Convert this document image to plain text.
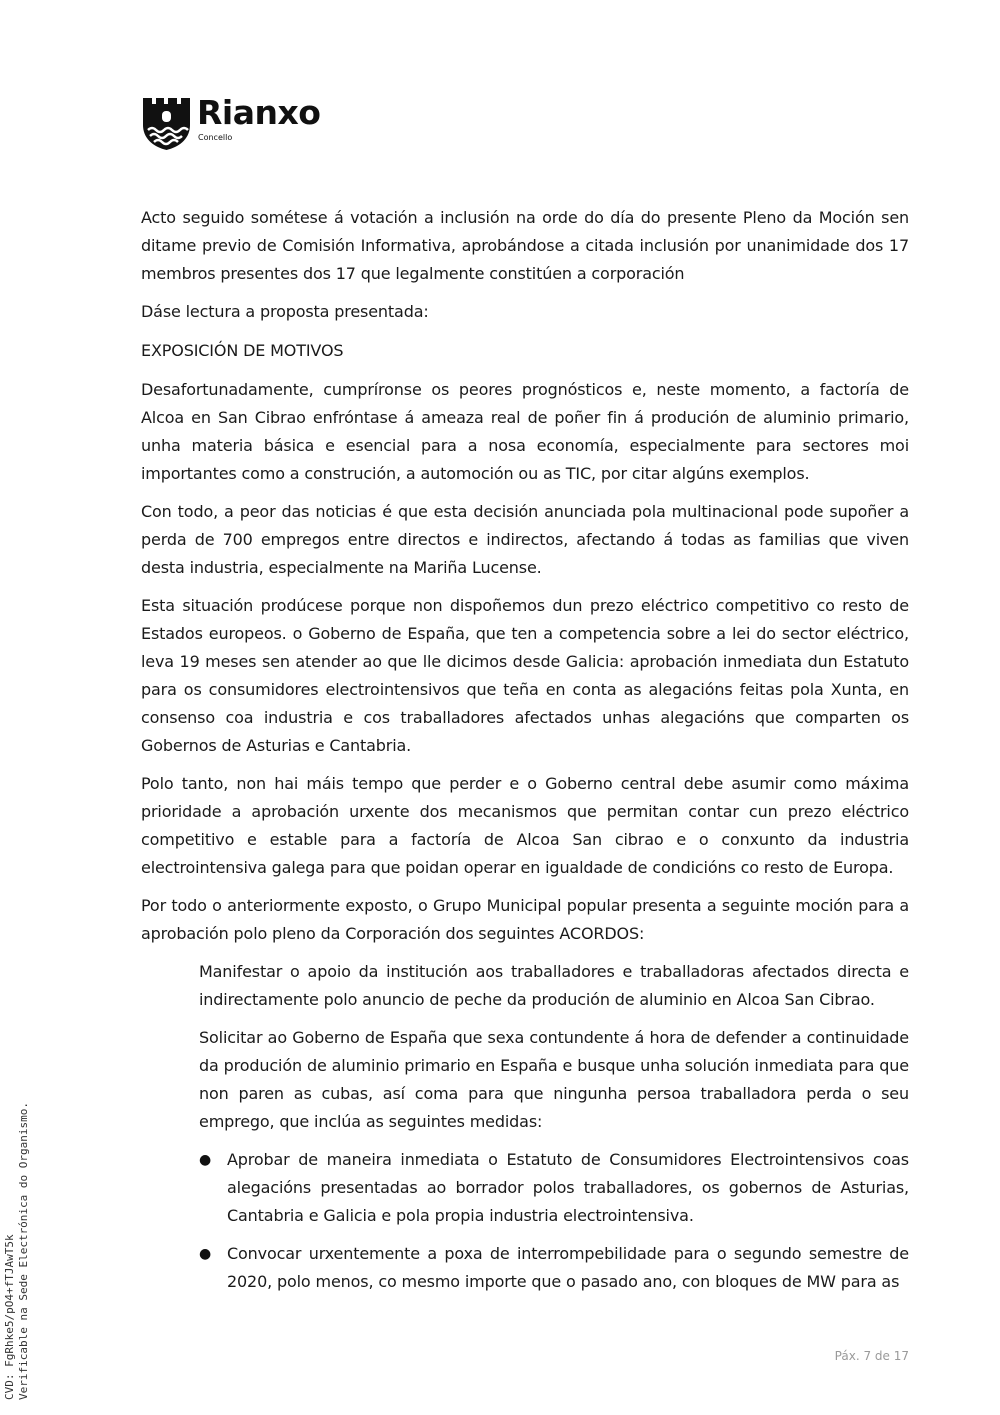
Rianxo
Concello

Acto seguido sométese á votación a inclusión na orde do día do presente Pleno da Moción sen ditame previo de Comisión Informativa, aprobándose a citada inclusión por unanimidade dos 17 membros presentes dos 17 que legalmente constitúen a corporación

Dáse lectura a proposta presentada:

EXPOSICIÓN DE MOTIVOS

Desafortunadamente, cumpríronse os peores prognósticos e, neste momento, a factoría de Alcoa en San Cibrao enfróntase á ameaza real de poñer fin á produción de aluminio primario, unha materia básica e esencial para a nosa economía, especialmente para sectores moi importantes como a construción, a automoción ou as TIC, por citar algúns exemplos.

Con todo, a peor das noticias é que esta decisión anunciada pola multinacional pode supoñer a perda de 700 empregos entre directos e indirectos, afectando á todas as familias que viven desta industria, especialmente na Mariña Lucense.

Esta situación prodúcese porque non dispoñemos dun prezo eléctrico competitivo co resto de Estados europeos. o Goberno de España, que ten a competencia sobre a lei do sector eléctrico, leva 19 meses sen atender ao que lle dicimos desde Galicia: aprobación inmediata dun Estatuto para os consumidores electrointensivos que teña en conta as alegacións feitas pola Xunta, en consenso coa industria e cos traballadores afectados unhas alegacións que comparten os Gobernos de Asturias e Cantabria.

Polo tanto, non hai máis tempo que perder e o Goberno central debe asumir como máxima prioridade a aprobación urxente dos mecanismos que permitan contar cun prezo eléctrico competitivo e estable para a factoría de Alcoa San cibrao e o conxunto da industria electrointensiva galega para que poidan operar en igualdade de condicións co resto de Europa.

Por todo o anteriormente exposto, o Grupo Municipal popular presenta a seguinte moción para a aprobación polo pleno da Corporación dos seguintes ACORDOS:

Manifestar o apoio da institución aos traballadores e traballadoras afectados directa e indirectamente polo anuncio de peche da produción de aluminio en Alcoa San Cibrao.

Solicitar ao Goberno de España que sexa contundente á hora de defender a continuidade da produción de aluminio primario en España e busque unha solución inmediata para que non paren as cubas, así coma para que ningunha persoa traballadora perda o seu emprego, que inclúa as seguintes medidas:

● Aprobar de maneira inmediata o Estatuto de Consumidores Electrointensivos coas alegacións presentadas ao borrador polos traballadores, os gobernos de Asturias, Cantabria e Galicia e pola propia industria electrointensiva.

● Convocar urxentemente a poxa de interrompebilidade para o segundo semestre de 2020, polo menos, co mesmo importe que o pasado ano, con bloques de MW para as

Páx. 7 de 17
CVD: FgRhke5/pO4+fTJAwT5k Verificable na Sede Electrónica do Organismo.
